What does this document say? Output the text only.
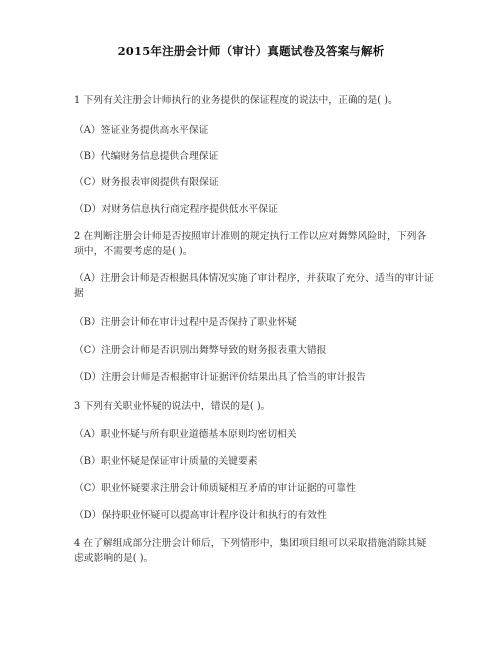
2015年注册会计师（审计）真题试卷及答案与解析
1 下列有关注册会计师执行的业务提供的保证程度的说法中，正确的是( )。
（A）签证业务提供高水平保证
（B）代编财务信息提供合理保证
（C）财务报表审阅提供有限保证
（D）对财务信息执行商定程序提供低水平保证
2 在判断注册会计师是否按照审计准则的规定执行工作以应对舞弊风险时，下列各项中，不需要考虑的是( )。
（A）注册会计师是否根据具体情况实施了审计程序，并获取了充分、适当的审计证据
（B）注册会计师在审计过程中是否保持了职业怀疑
（C）注册会计师是否识别出舞弊导致的财务报表重大错报
（D）注册会计师是否根据审计证据评价结果出具了恰当的审计报告
3 下列有关职业怀疑的说法中，错误的是( )。
（A）职业怀疑与所有职业道德基本原则均密切相关
（B）职业怀疑是保证审计质量的关键要素
（C）职业怀疑要求注册会计师质疑相互矛盾的审计证据的可靠性
（D）保持职业怀疑可以提高审计程序设计和执行的有效性
4 在了解组成部分注册会计师后，下列情形中，集团项目组可以采取措施消除其疑虑或影响的是( )。
